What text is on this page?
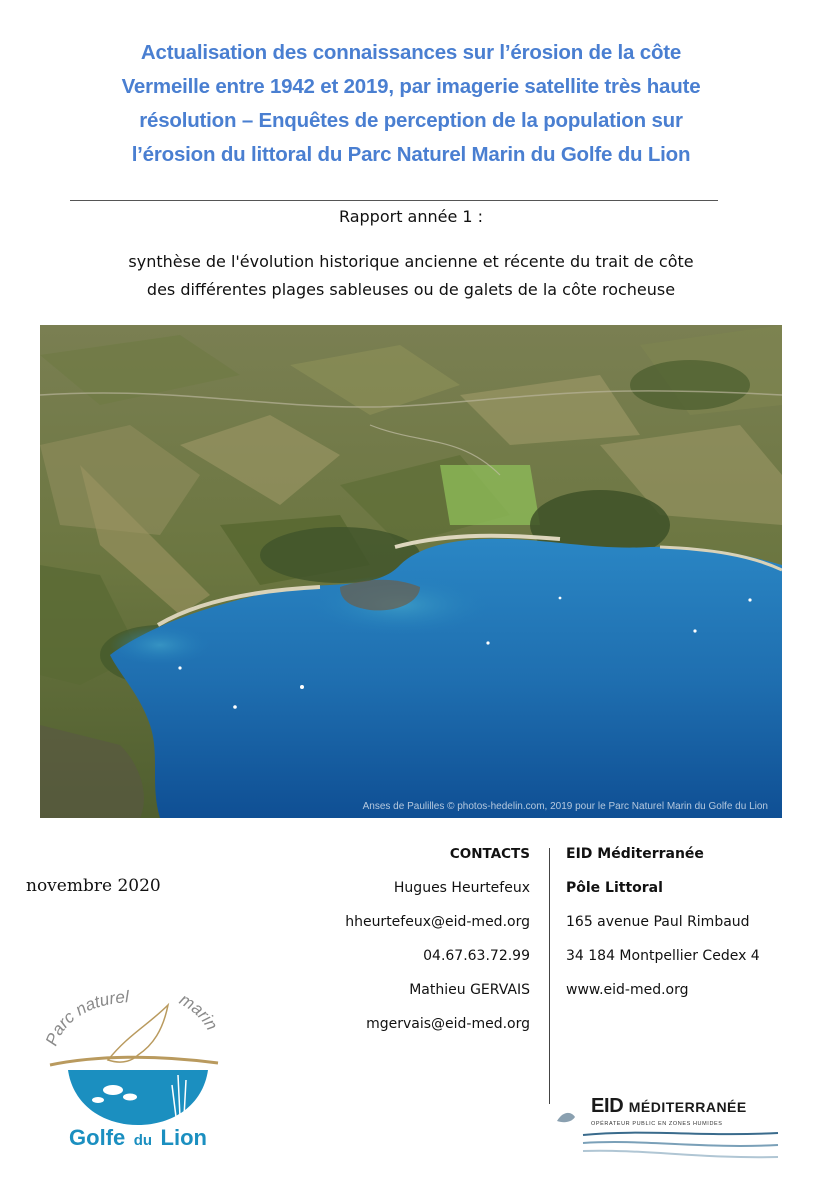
Actualisation des connaissances sur l’érosion de la côte
Vermeille entre 1942 et 2019, par imagerie satellite très haute
résolution – Enquêtes de perception de la population sur
l’érosion du littoral du Parc Naturel Marin du Golfe du Lion
Rapport année 1 :
synthèse de l'évolution historique ancienne et récente du trait de côte
des différentes plages sableuses ou de galets de la côte rocheuse
Anses de Paulilles © photos-hedelin.com, 2019 pour le Parc Naturel Marin du Golfe du Lion
novembre 2020
CONTACTS
Hugues Heurtefeux
hheurtefeux@eid-med.org
04.67.63.72.99
Mathieu GERVAIS
mgervais@eid-med.org
EID Méditerranée
Pôle Littoral
165 avenue Paul Rimbaud
34 184 Montpellier Cedex 4
www.eid-med.org
Parc naturel	marin
Golfe du Lion
EID MÉDITERRANÉE
OPÉRATEUR PUBLIC EN ZONES HUMIDES
